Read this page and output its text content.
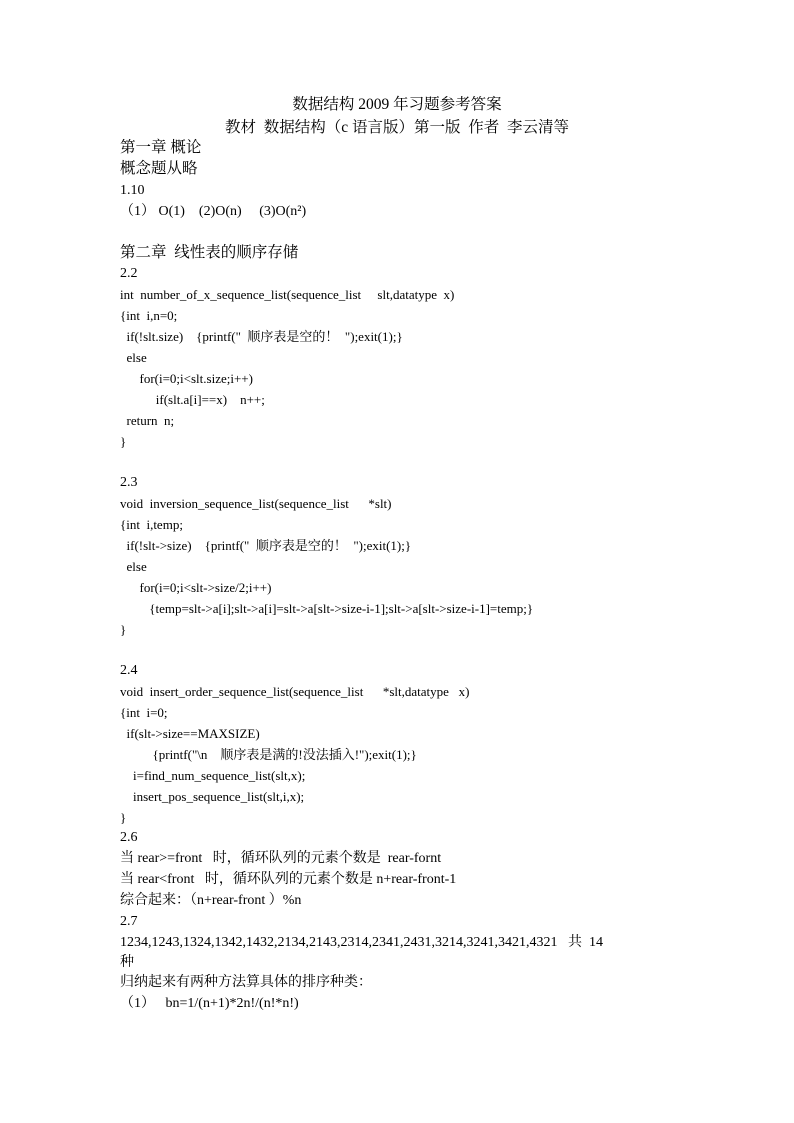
数据结构 2009 年习题参考答案
教材  数据结构（c 语言版）第一版  作者  李云清等
第一章 概论
概念题从略
1.10
（1） O(1)    (2)O(n)     (3)O(n²)
第二章  线性表的顺序存储
2.2
int  number_of_x_sequence_list(sequence_list     slt,datatype  x)
{int  i,n=0;
if(!slt.size)    {printf("  顺序表是空的！  ");exit(1);}
else
for(i=0;i<slt.size;i++)
if(slt.a[i]==x)    n++;
return  n;
}
2.3
void  inversion_sequence_list(sequence_list      *slt)
{int  i,temp;
if(!slt->size)    {printf("  顺序表是空的！  ");exit(1);}
else
for(i=0;i<slt->size/2;i++)
{temp=slt->a[i];slt->a[i]=slt->a[slt->size-i-1];slt->a[slt->size-i-1]=temp;}
}
2.4
void  insert_order_sequence_list(sequence_list      *slt,datatype   x)
{int  i=0;
if(slt->size==MAXSIZE)
{printf("\n    顺序表是满的!没法插入!");exit(1);}
i=find_num_sequence_list(slt,x);
insert_pos_sequence_list(slt,i,x);
}
2.6
当 rear>=front   时，循环队列的元素个数是  rear-fornt
当 rear<front   时，循环队列的元素个数是 n+rear-front-1
综合起来：（n+rear-front ）%n
2.7
1234,1243,1324,1342,1432,2134,2143,2314,2341,2431,3214,3241,3421,4321   共  14
种
归纳起来有两种方法算具体的排序种类：
（1）   bn=1/(n+1)*2n!/(n!*n!)
